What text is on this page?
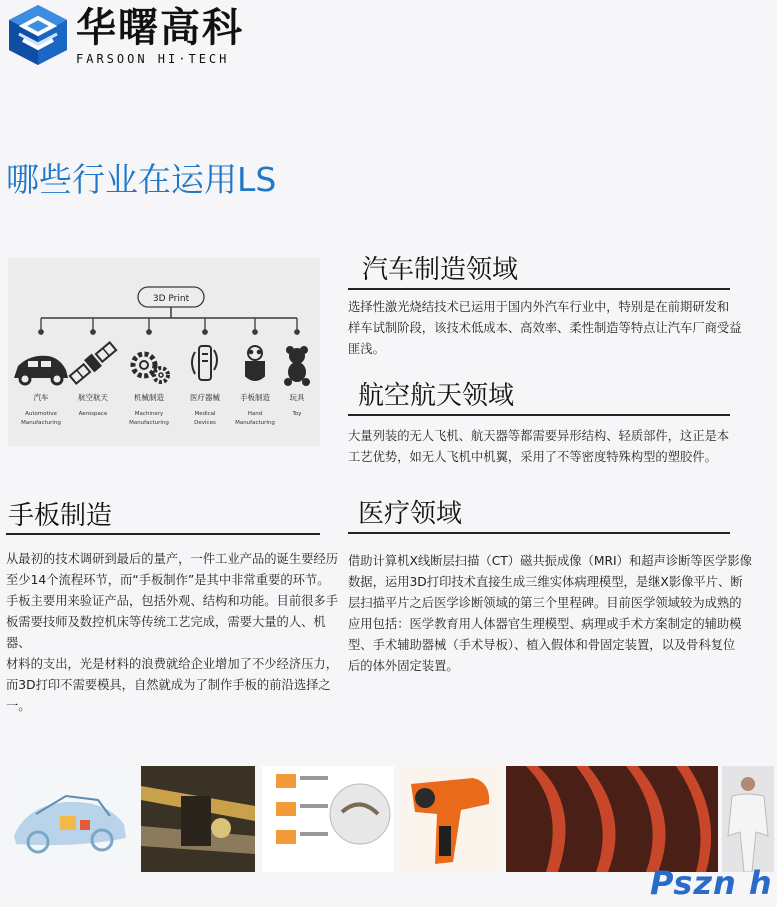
华曙高科
FARSOON HI·TECH
哪些行业在运用LS
3D Print
汽车	航空航天	机械制造	医疗器械	手板制造	玩具
Automotive
Manufacturing
Aerospace	Machinery
Manufacturing
Medical
Devices
Hand
Manufacturing
Toy
汽车制造领域
选择性激光烧结技术已运用于国内外汽车行业中，特别是在前期研发和
样车试制阶段，该技术低成本、高效率、柔性制造等特点让汽车厂商受益
匪浅。
航空航天领域
大量列装的无人飞机、航天器等都需要异形结构、轻质部件，这正是本
工艺优势，如无人飞机中机翼，采用了不等密度特殊构型的塑胶件。
手板制造
从最初的技术调研到最后的量产，一件工业产品的诞生要经历
至少14个流程环节，而“手板制作”是其中非常重要的环节。
手板主要用来验证产品，包括外观、结构和功能。目前很多手
板需要技师及数控机床等传统工艺完成，需要大量的人、机器、
材料的支出，光是材料的浪费就给企业增加了不少经济压力，
而3D打印不需要模具，自然就成为了制作手板的前沿选择之一。
医疗领域
借助计算机X线断层扫描（CT）磁共振成像（MRI）和超声诊断等医学影像
数据，运用3D打印技术直接生成三维实体病理模型，是继X影像平片、断
层扫描平片之后医学诊断领域的第三个里程碑。目前医学领域较为成熟的
应用包括：医学教育用人体器官生理模型、病理或手术方案制定的辅助模
型、手术辅助器械（手术导板）、植入假体和骨固定装置，以及骨科复位
后的体外固定装置。
Pszn h
